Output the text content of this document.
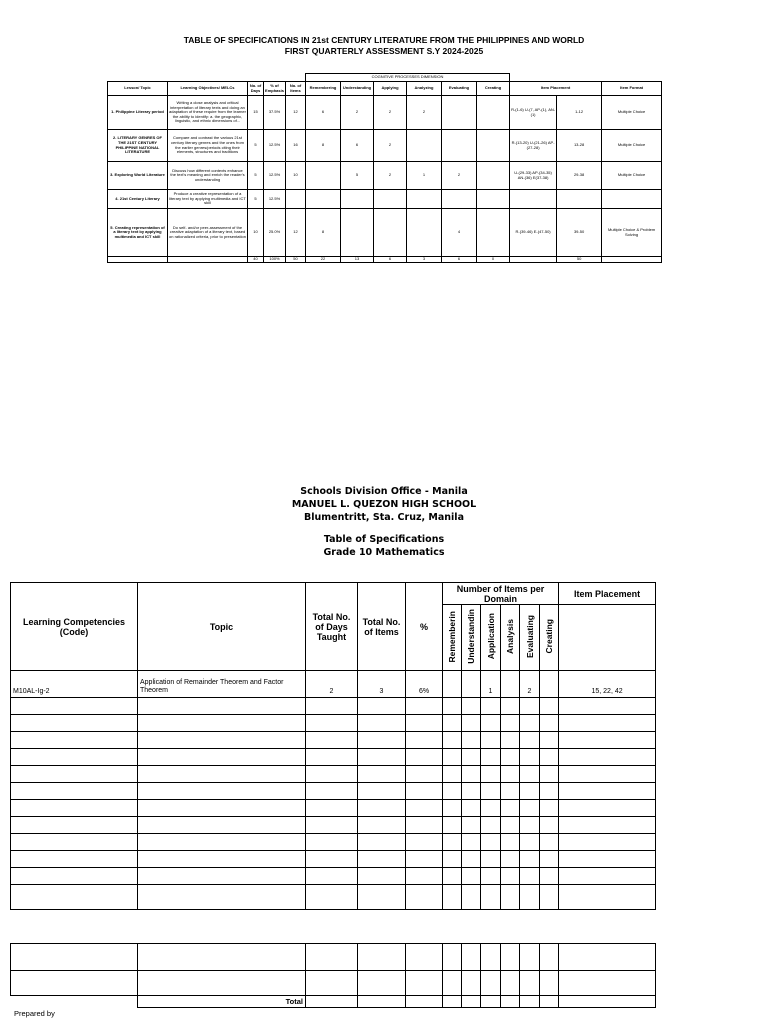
TABLE OF SPECIFICATIONS IN 21st CENTURY LITERATURE FROM THE PHILIPPINES AND WORLD
FIRST QUARTERLY ASSESSMENT S.Y 2024-2025
					COGNITIVE PROCESSES DIMENSION								
Lesson/ Topic	Learning Objectives/ MELCs	No. of Days	% of Emphasis	No. of Items	Remembering	Understanding	Applying	Analyzing	Evaluating	Creating	Item Placement		Item Format
1. Philippine Literary period	Writing a close analysis and critical interpretation of literary texts and doing an adaptation of these require from the learner the ability to identify: a. the geographic, linguistic, and ethnic dimensions of...	15	37.5%	12	6	2	2	2			R-(1-6) U-(7, AP-(1), AN-(1)	1-12	Multiple Choice
2. LITERARY GENRES OF THE 21ST CENTURY PHILIPPINE NATIONAL LITERATURE	Compare and contrast the various 21st century literary genres and the ones from the earlier genres/periods citing their elements, structures and traditions	5	12.5%	16	8	6	2				R-(13-20) U-(21-26) AP-(27-28)	13-28	Multiple Choice
3. Exploring World Literature	Discuss how different contexts enhance the text's meaning and enrich the reader's understanding	5	12.5%	10		5	2	1	2		U-(29-33) AP-(34-35) AN-(36) E(37-38)	29-38	Multiple Choice
4. 21st Century Literary	Produce a creative representation of a literary text by applying multimedia and ICT skill	5	12.5%										
5. Creating representation of a literary text by applying multimedia and ICT skill	Do self- and/or peer-assessment of the creative adaptation of a literary text, based on rationalized criteria, prior to presentation	10	25.0%	12	8				4		R-(39-46) E-(47-50)	39-50	Multiple Choice & Problem Solving
		40	100%	50	22	13	6	3	6	0		50	
Schools Division Office - Manila
MANUEL L. QUEZON HIGH SCHOOL
Blumentritt, Sta. Cruz, Manila
Table of Specifications
Grade 10 Mathematics
Learning Competencies (Code)	Topic	Total No. of Days Taught	Total No. of Items	%	Number of Items per Domain						Item Placement
					Rememberin	Understandin	Application	Analysis	Evaluating	Creating	
M10AL-Ig-2	Application of Remainder Theorem and Factor Theorem	2	3	6%			1		2		15, 22, 42

	Total										
Prepared by
